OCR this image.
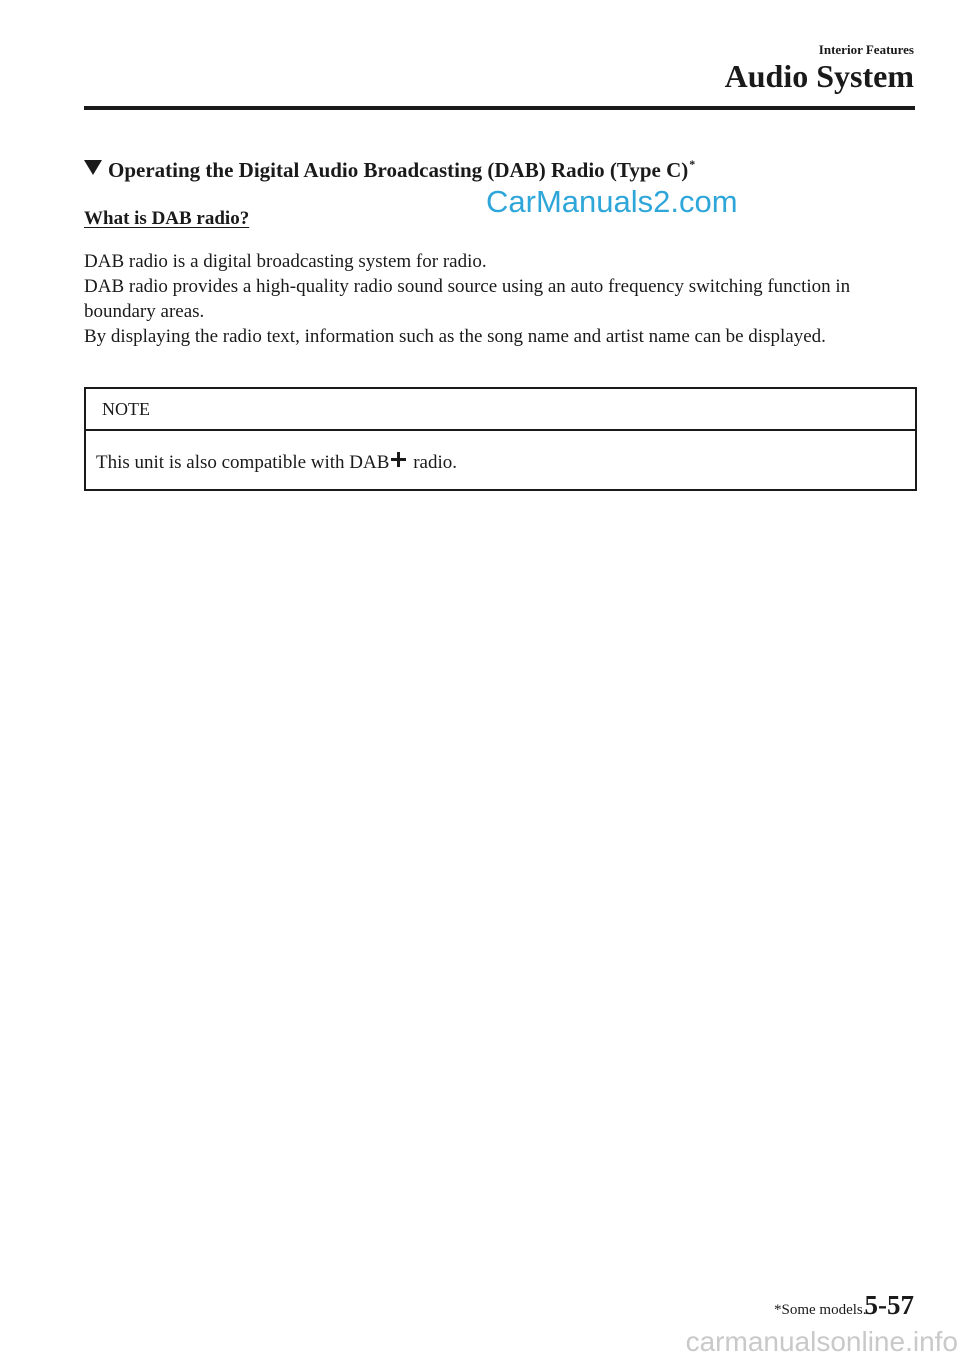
Interior Features
Audio System
Operating the Digital Audio Broadcasting (DAB) Radio (Type C)*
CarManuals2.com
What is DAB radio?

DAB radio is a digital broadcasting system for radio.

DAB radio provides a high-quality radio sound source using an auto frequency switching function in boundary areas.

By displaying the radio text, information such as the song name and artist name can be displayed.

NOTE
This unit is also compatible with DAB radio.
*Some models.
5-57
carmanualsonline.info
